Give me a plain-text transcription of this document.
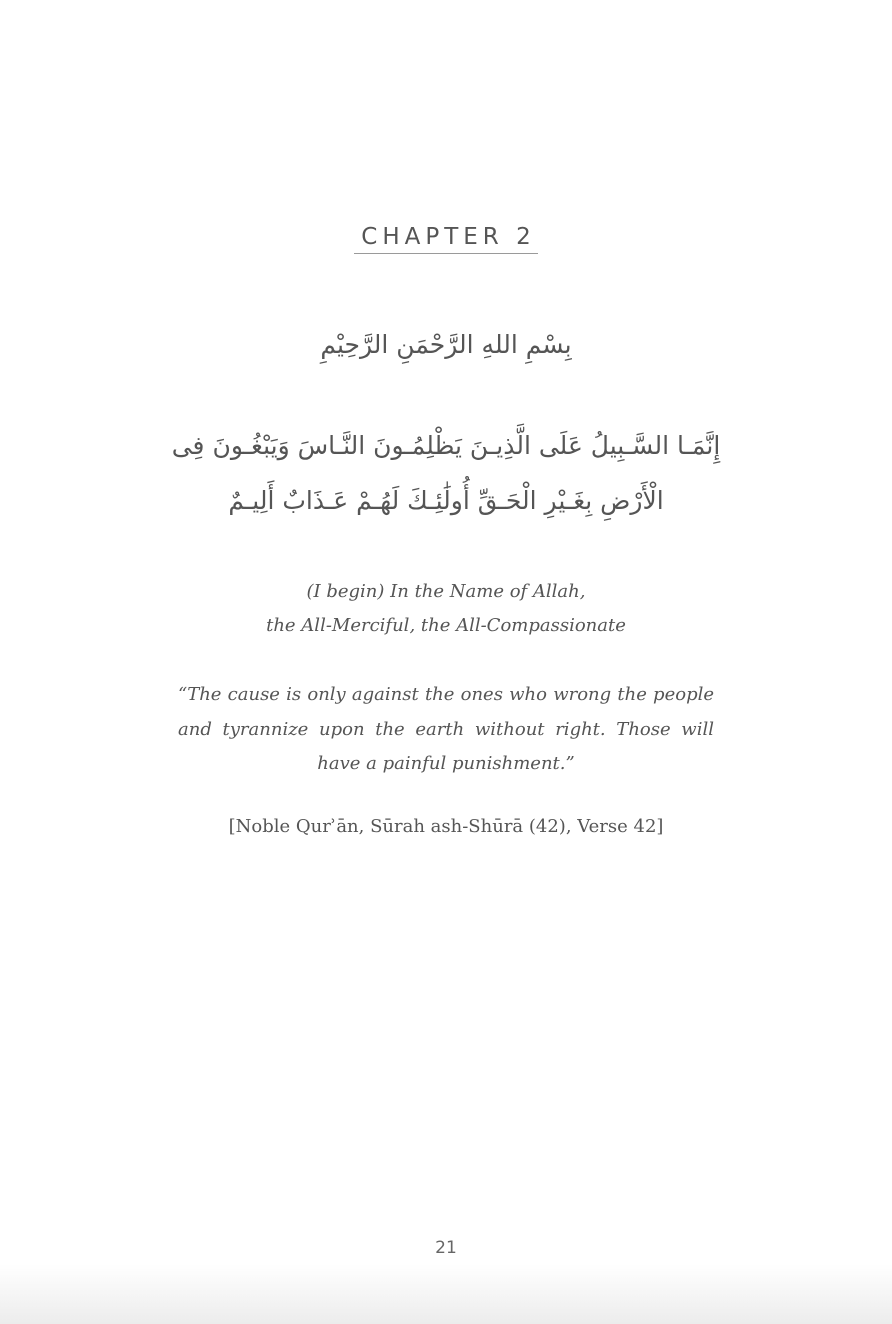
CHAPTER 2
بِسْمِ اللهِ الرَّحْمَنِ الرَّحِيْمِ
إِنَّمَـا السَّـبِيلُ عَلَى الَّذِيـنَ يَظْلِمُـونَ النَّـاسَ وَيَبْغُـونَ فِى الْأَرْضِ بِغَـيْرِ الْحَـقِّ أُولَٰئِـكَ لَهُـمْ عَـذَابٌ أَلِيـمٌ
(I begin) In the Name of Allah,
the All-Merciful, the All-Compassionate
“The cause is only against the ones who wrong the people and tyrannize upon the earth without right. Those will have a painful punishment.”
[Noble Qurʾān, Sūrah ash-Shūrā (42), Verse 42]
21
